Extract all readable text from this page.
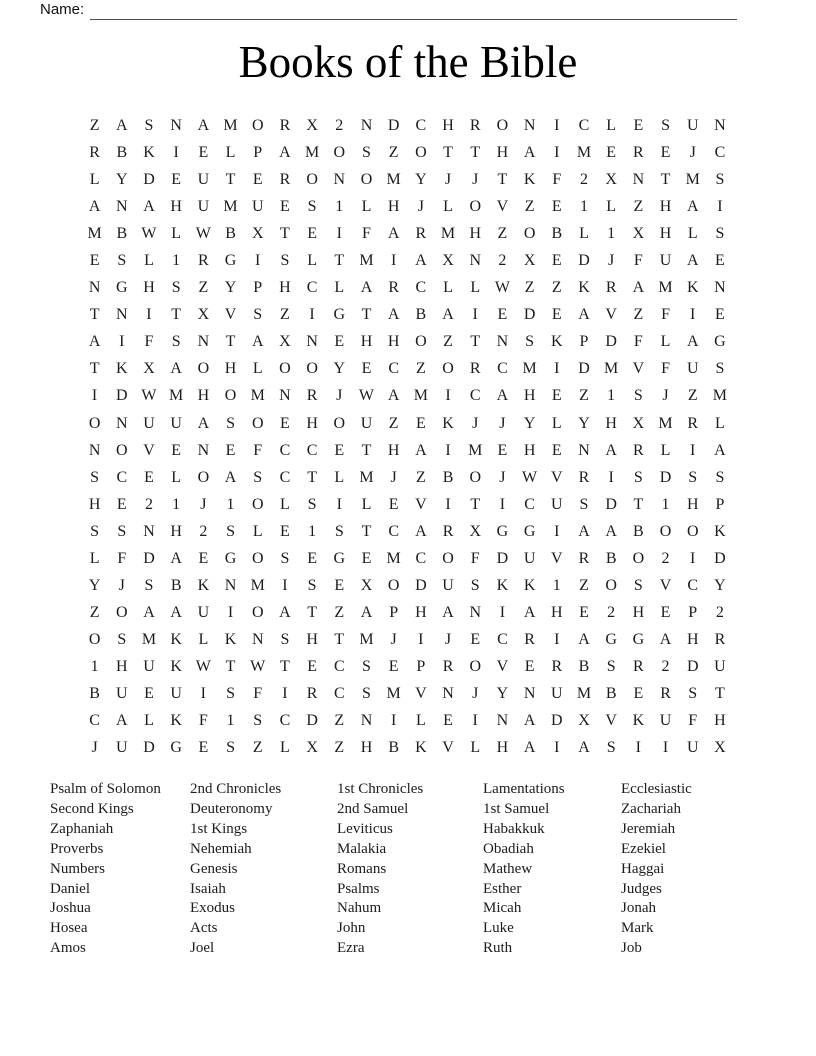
Name:
Books of the Bible
Z	A	S	N A M O	R	X	2	N D	C	H	R	O N	I	C	L	E	S	U N
R	B	K	I	E	L	P	A M O	S	Z	O	T	T	H A	I	M E	R	E	J	C
L	Y D	E	U	T	E	R	O N O M Y	J	J	T	K	F	2	X N	T M S
A N A H U M U	E	S	1	L	H	J	L	O V	Z	E	1	L	Z	H A	I
M B W L W B	X	T	E	I	F	A	R M H	Z	O	B	L	1	X H	L	S
E	S	L	1	R	G	I	S	L	T M	I	A X N	2	X	E	D	J	F	U A	E
N G H	S	Z	Y	P	H	C	L	A	R	C	L	L W Z	Z	K	R	A M K N
T	N	I	T	X V	S	Z	I	G	T	A	B	A	I	E	D	E	A V	Z	F	I	E
A	I	F	S	N	T	A X N	E	H H O	Z	T	N	S	K	P	D	F	L	A G
T	K X A O H	L	O O Y	E	C	Z	O	R	C M	I	D M V	F	U	S
I	D W M H O M N	R	J	W A M	I	C	A H	E	Z	1	S	J	Z M
O N U U A	S	O	E	H O U	Z	E	K	J	J	Y	L	Y H X M R	L
N O V	E	N	E	F	C	C	E	T	H A	I	M E	H	E	N A	R	L	I	A
S	C	E	L	O A	S	C	T	L M	J	Z	B	O	J	W V	R	I	S	D	S	S
H	E	2	1	J	1	O	L	S	I	L	E	V	I	T	I	C	U	S	D	T	1	H	P
S	S	N H	2	S	L	E	1	S	T	C	A	R	X G G	I	A A	B	O O K
L	F	D A	E	G O	S	E	G	E M C	O	F	D U V	R	B	O	2	I	D
Y	J	S	B	K N M	I	S	E	X O D U	S	K K	1	Z	O	S	V	C	Y
Z	O A A U	I	O A	T	Z	A	P	H A N	I	A H	E	2	H	E	P	2
O	S M K	L	K N	S	H	T M	J	I	J	E	C	R	I	A G G A H	R
1	H U K W T W T	E	C	S	E	P	R	O V	E	R	B	S	R	2	D U
B	U	E	U	I	S	F	I	R	C	S M V N	J	Y N U M B	E	R	S	T
C	A	L	K	F	1	S	C	D	Z	N	I	L	E	I	N A D X V K U	F	H
J	U D G	E	S	Z	L	X	Z	H	B	K V	L	H A	I	A	S	I	I	U X
Psalm of Solomon
Second Kings
Zaphaniah
Proverbs
Numbers
Daniel
Joshua
Hosea
Amos
2nd Chronicles
Deuteronomy
1st Kings
Nehemiah
Genesis
Isaiah
Exodus
Acts
Joel
1st Chronicles
2nd Samuel
Leviticus
Malakia
Romans
Psalms
Nahum
John
Ezra
Lamentations
1st Samuel
Habakkuk
Obadiah
Mathew
Esther
Micah
Luke
Ruth
Ecclesiastic
Zachariah
Jeremiah
Ezekiel
Haggai
Judges
Jonah
Mark
Job
